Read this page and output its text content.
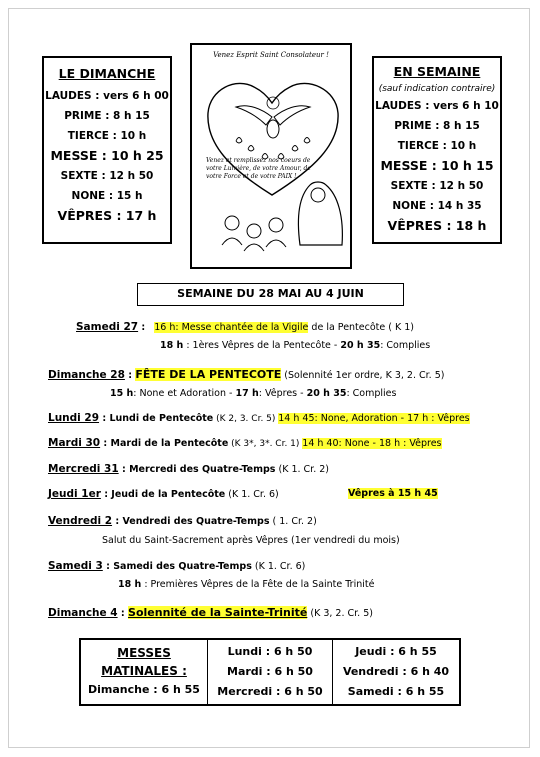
LE DIMANCHE
LAUDES : vers 6 h 00
PRIME : 8 h 15
TIERCE : 10 h
MESSE : 10 h 25
SEXTE : 12 h 50
NONE : 15 h
VÊPRES : 17 h
Venez Esprit Saint Consolateur !
Venez et remplissez nos coeurs de votre Lumière, de votre Amour, de votre Force et de votre PAIX !
EN SEMAINE
(sauf indication contraire)
LAUDES : vers 6 h 10
PRIME : 8 h 15
TIERCE : 10 h
MESSE : 10 h 15
SEXTE : 12 h 50
NONE : 14 h 35
VÊPRES : 18 h
SEMAINE DU 28 MAI AU 4 JUIN
Samedi 27 : 16 h: Messe chantée de la Vigile de la Pentecôte ( K 1)
18 h : 1ères Vêpres de la Pentecôte - 20 h 35: Complies
Dimanche 28 : FÊTE DE LA PENTECOTE (Solennité 1er ordre, K 3, 2. Cr. 5)
15 h: None et Adoration - 17 h: Vêpres - 20 h 35: Complies
Lundi 29 : Lundi de Pentecôte (K 2, 3. Cr. 5) 14 h 45: None, Adoration - 17 h : Vêpres
Mardi 30 : Mardi de la Pentecôte (K 3*, 3*. Cr. 1) 14 h 40: None - 18 h : Vêpres
Mercredi 31 : Mercredi des Quatre-Temps (K 1. Cr. 2)
Jeudi 1er : Jeudi de la Pentecôte (K 1. Cr. 6)	Vêpres à 15 h 45
Vendredi 2 : Vendredi des Quatre-Temps ( 1. Cr. 2)
Salut du Saint-Sacrement après Vêpres (1er vendredi du mois)
Samedi 3 : Samedi des Quatre-Temps (K 1. Cr. 6)
18 h : Premières Vêpres de la Fête de la Sainte Trinité
Dimanche 4 : Solennité de la Sainte-Trinité (K 3, 2. Cr. 5)
MESSES
MATINALES :
Dimanche : 6 h 55
Lundi : 6 h 50
Mardi : 6 h 50
Mercredi : 6 h 50
Jeudi : 6 h 55
Vendredi : 6 h 40
Samedi : 6 h 55
